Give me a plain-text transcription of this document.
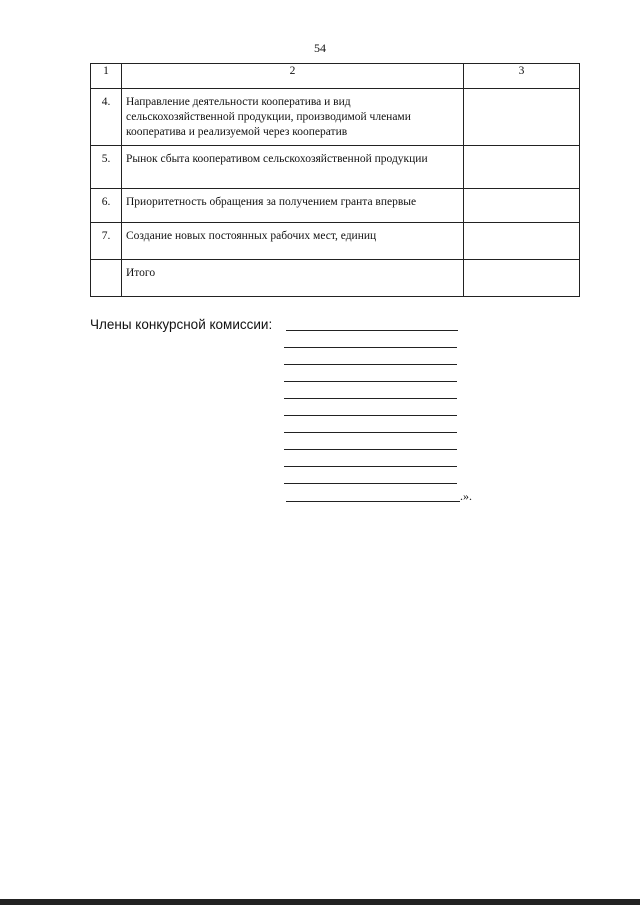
54
1	2	3
4.	Направление деятельности кооператива и вид сельскохозяйственной продукции, производимой членами кооператива и реализуемой через кооператив	
5.	Рынок сбыта кооперативом сельскохозяйственной продукции	
6.	Приоритетность обращения за получением гранта впервые	
7.	Создание новых постоянных рабочих мест, единиц	
	Итого	
Члены конкурсной комиссии:
.».
